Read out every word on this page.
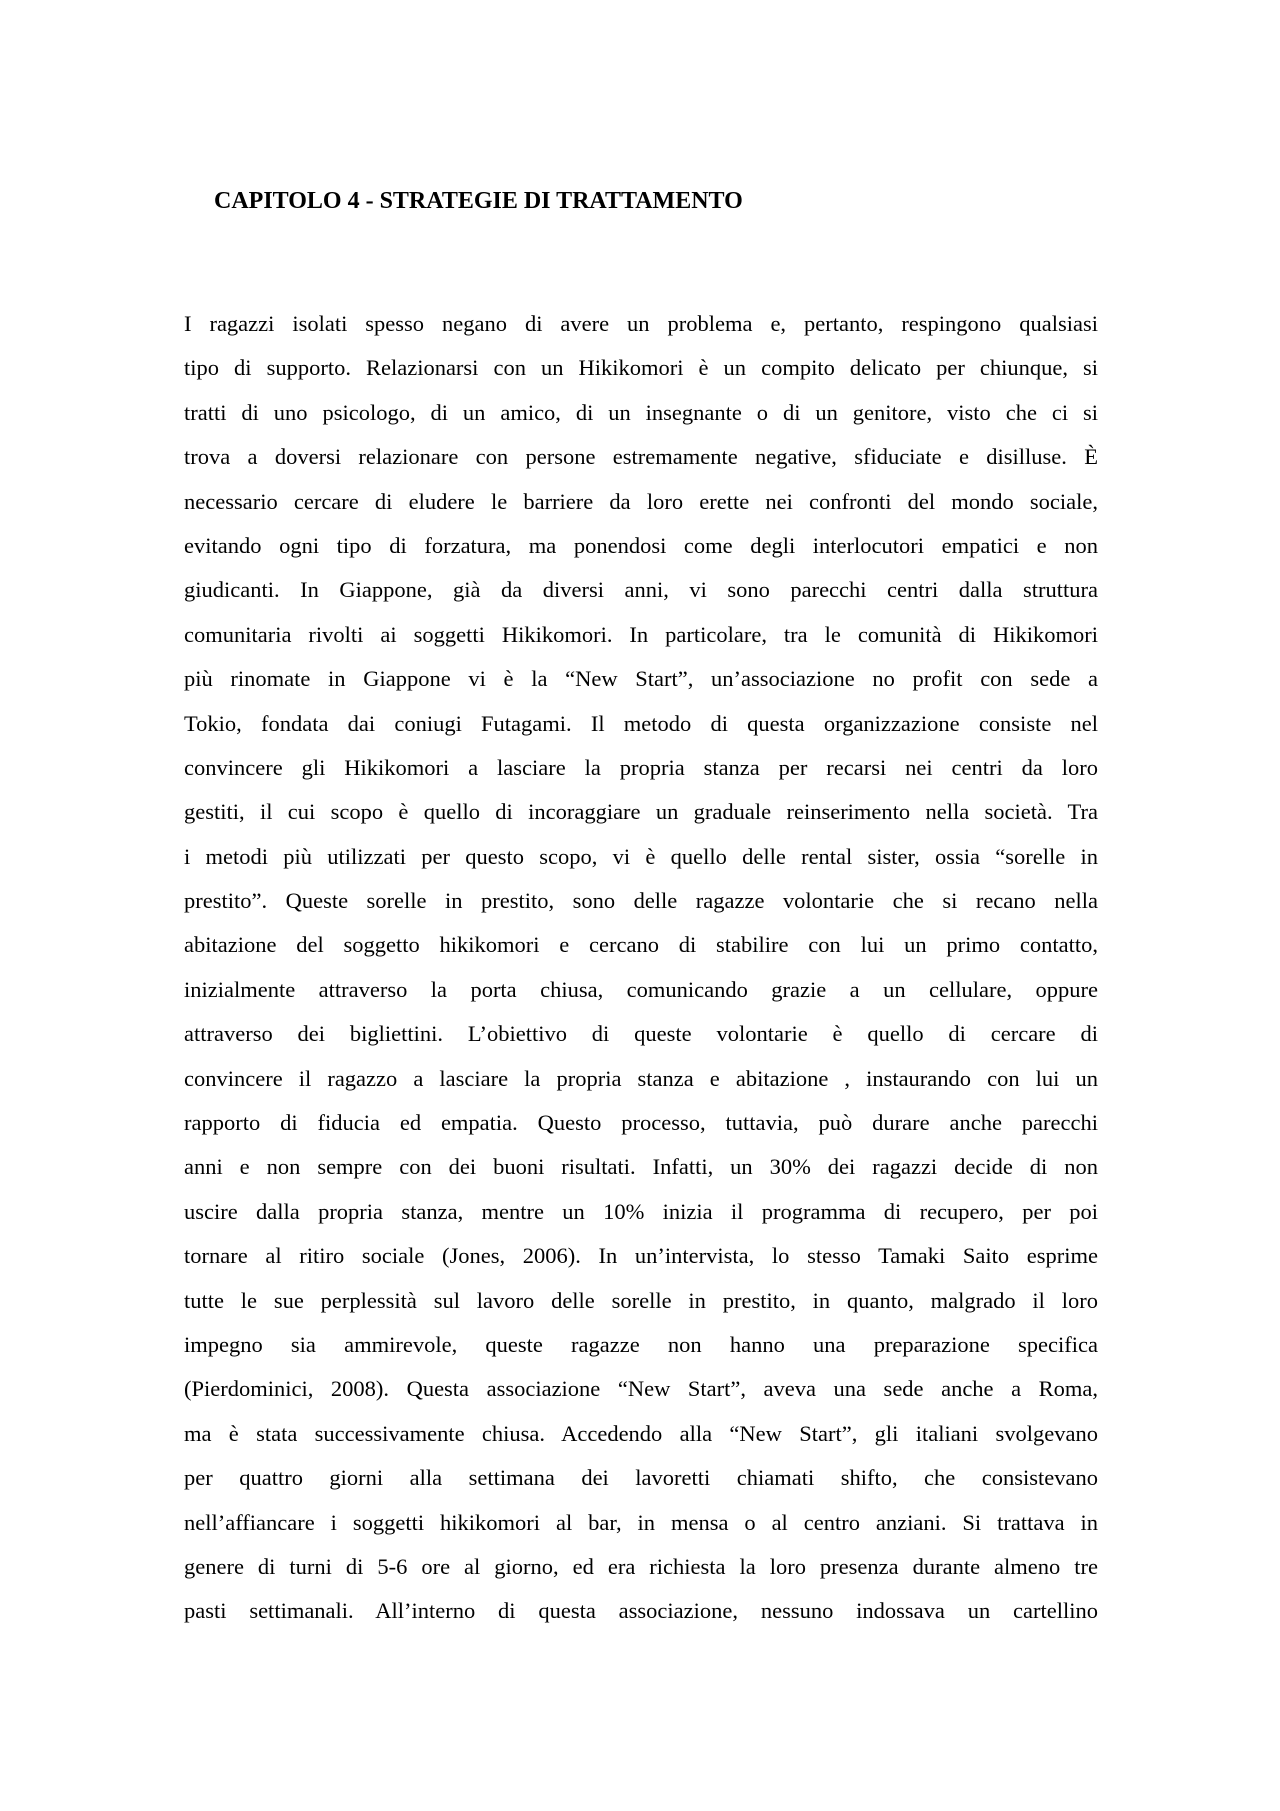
CAPITOLO 4 - STRATEGIE DI TRATTAMENTO
I ragazzi isolati spesso negano di avere un problema e, pertanto, respingono qualsiasi
tipo di supporto. Relazionarsi con un Hikikomori è un compito delicato per chiunque, si
tratti di uno psicologo, di un amico, di un insegnante o di un genitore, visto che ci si
trova a doversi relazionare con persone estremamente negative, sfiduciate e disilluse. È
necessario cercare di eludere le barriere da loro erette nei confronti del mondo sociale,
evitando ogni tipo di forzatura, ma ponendosi come degli interlocutori empatici e non
giudicanti. In Giappone, già da diversi anni, vi sono parecchi centri dalla struttura
comunitaria rivolti ai soggetti Hikikomori. In particolare, tra le comunità di Hikikomori
più rinomate in Giappone vi è la “New Start”, un’associazione no profit con sede a
Tokio, fondata dai coniugi Futagami. Il metodo di questa organizzazione consiste nel
convincere gli Hikikomori a lasciare la propria stanza per recarsi nei centri da loro
gestiti, il cui scopo è quello di incoraggiare un graduale reinserimento nella società. Tra
i metodi più utilizzati per questo scopo, vi è quello delle rental sister, ossia “sorelle in
prestito”. Queste sorelle in prestito, sono delle ragazze volontarie che si recano nella
abitazione del soggetto hikikomori e cercano di stabilire con lui un primo contatto,
inizialmente attraverso la porta chiusa, comunicando grazie a un cellulare, oppure
attraverso dei bigliettini. L’obiettivo di queste volontarie è quello di cercare di
convincere il ragazzo a lasciare la propria stanza e abitazione , instaurando con lui un
rapporto di fiducia ed empatia. Questo processo, tuttavia, può durare anche parecchi
anni e non sempre con dei buoni risultati. Infatti, un 30% dei ragazzi decide di non
uscire dalla propria stanza, mentre un 10% inizia il programma di recupero, per poi
tornare al ritiro sociale (Jones, 2006). In un’intervista, lo stesso Tamaki Saito esprime
tutte le sue perplessità sul lavoro delle sorelle in prestito, in quanto, malgrado il loro
impegno sia ammirevole, queste ragazze non hanno una preparazione specifica
(Pierdominici, 2008). Questa associazione “New Start”, aveva una sede anche a Roma,
ma è stata successivamente chiusa. Accedendo alla “New Start”, gli italiani svolgevano
per quattro giorni alla settimana dei lavoretti chiamati shifto, che consistevano
nell’affiancare i soggetti hikikomori al bar, in mensa o al centro anziani. Si trattava in
genere di turni di 5-6 ore al giorno, ed era richiesta la loro presenza durante almeno tre
pasti settimanali. All’interno di questa associazione, nessuno indossava un cartellino
